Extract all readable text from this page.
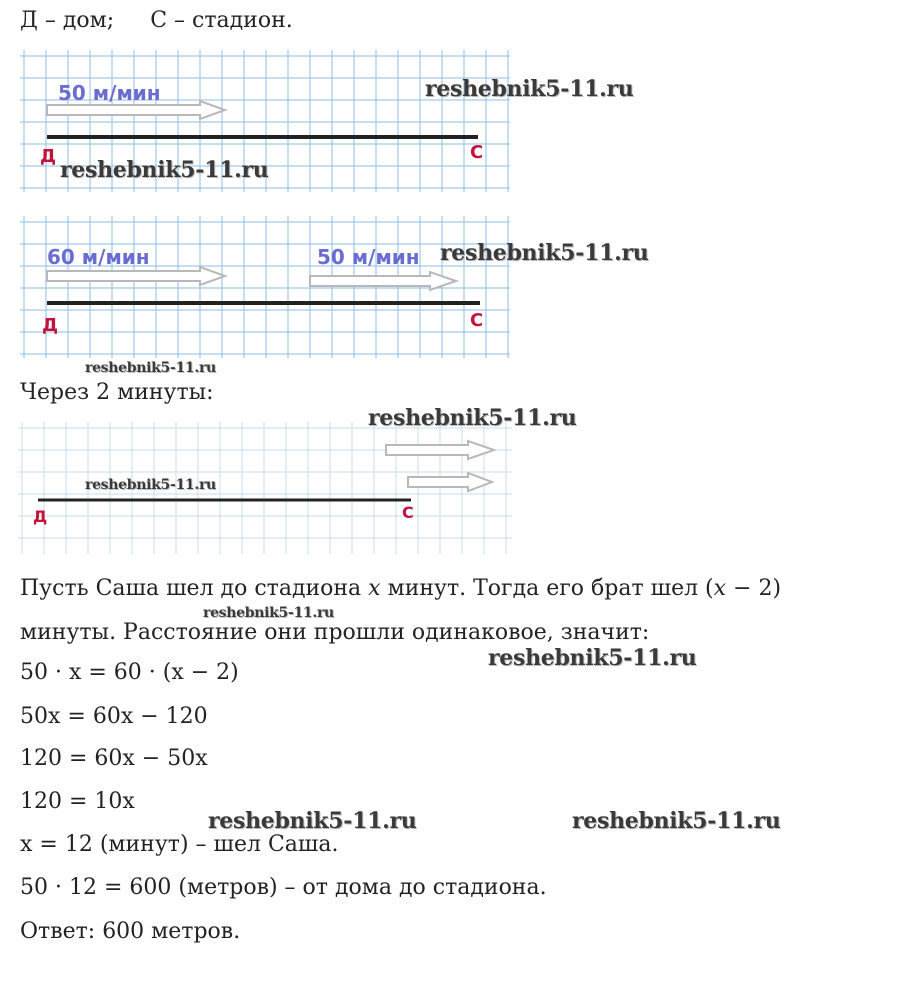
Д – дом; С – стадион.
50 м/мин
Д	С
60 м/мин	50 м/мин
Д	С
Через 2 минуты:
Д	С
Пусть Саша шел до стадиона x минут. Тогда его брат шел (x − 2)
минуты. Расстояние они прошли одинаковое, значит:
50 · x = 60 · (x − 2)
50x = 60x − 120
120 = 60x − 50x
120 = 10x
x = 12 (минут) – шел Саша.
50 · 12 = 600 (метров) – от дома до стадиона.
Ответ: 600 метров.
reshebnik5-11.ru
reshebnik5-11.ru
reshebnik5-11.ru
reshebnik5-11.ru
reshebnik5-11.ru
reshebnik5-11.ru
reshebnik5-11.ru
reshebnik5-11.ru
reshebnik5-11.ru	reshebnik5-11.ru
